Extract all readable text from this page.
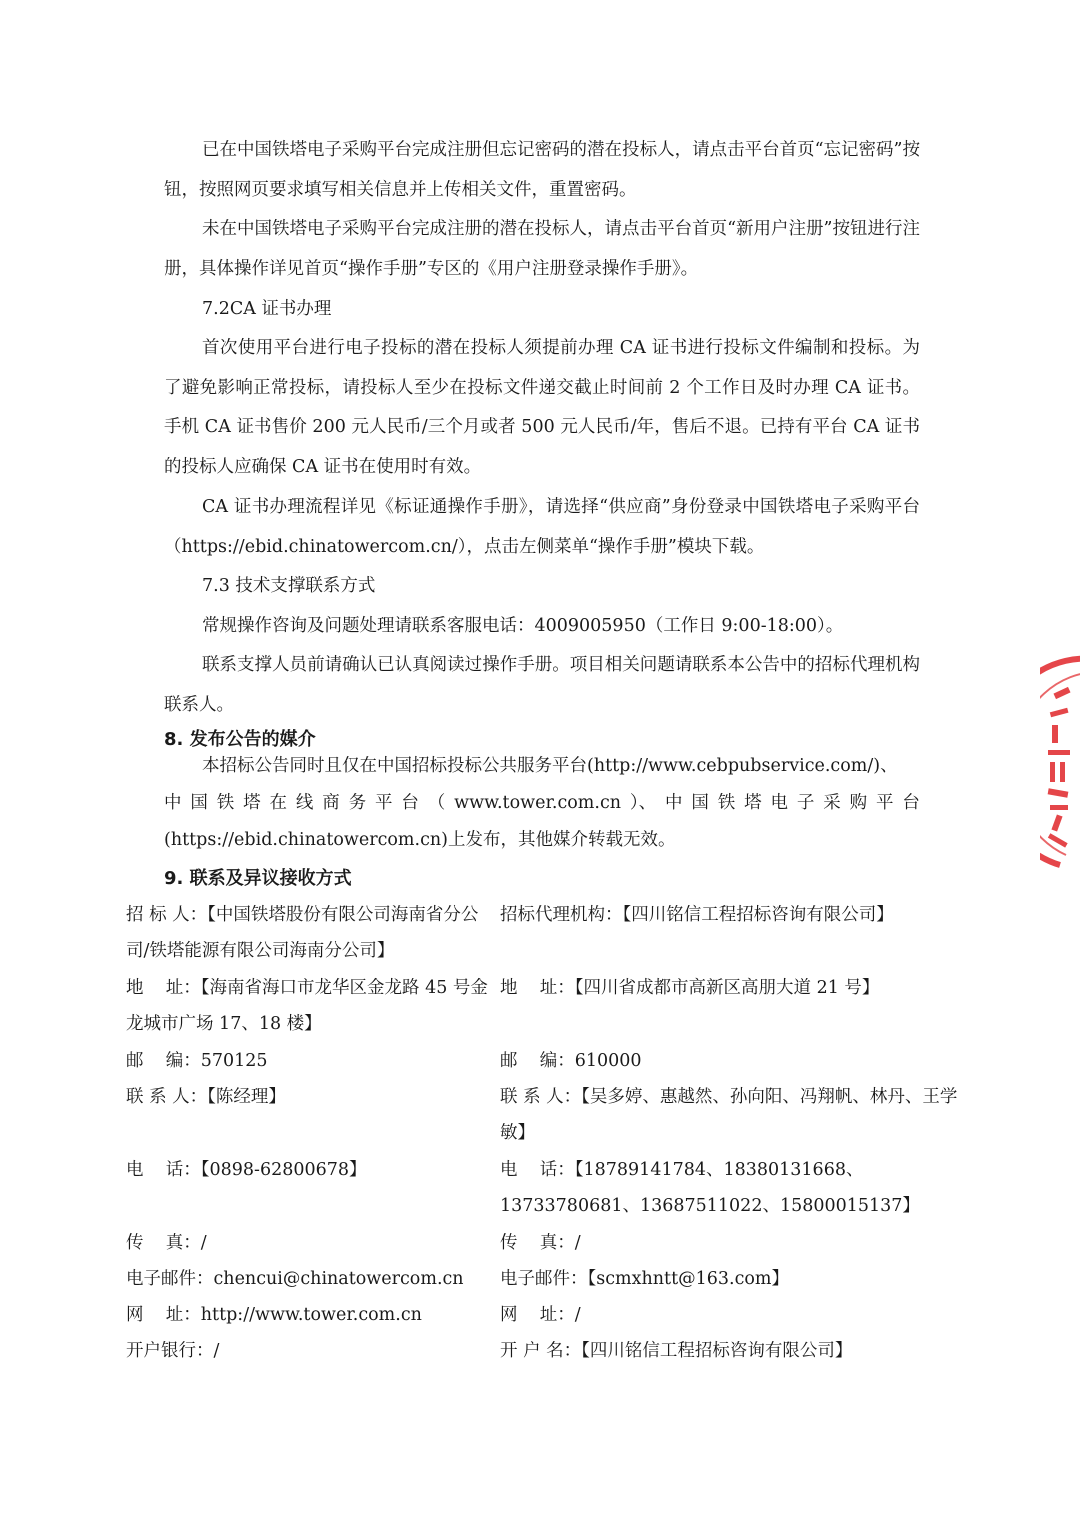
已在中国铁塔电子采购平台完成注册但忘记密码的潜在投标人，请点击平台首页“忘记密码”按钮，按照网页要求填写相关信息并上传相关文件，重置密码。

未在中国铁塔电子采购平台完成注册的潜在投标人，请点击平台首页“新用户注册”按钮进行注册，具体操作详见首页“操作手册”专区的《用户注册登录操作手册》。

7.2CA 证书办理

首次使用平台进行电子投标的潜在投标人须提前办理 CA 证书进行投标文件编制和投标。为了避免影响正常投标，请投标人至少在投标文件递交截止时间前 2 个工作日及时办理 CA 证书。手机 CA 证书售价 200 元人民币/三个月或者 500 元人民币/年，售后不退。已持有平台 CA 证书的投标人应确保 CA 证书在使用时有效。

CA 证书办理流程详见《标证通操作手册》，请选择“供应商”身份登录中国铁塔电子采购平台（https://ebid.chinatowercom.cn/），点击左侧菜单“操作手册”模块下载。

7.3 技术支撑联系方式

常规操作咨询及问题处理请联系客服电话：4009005950（工作日 9:00-18:00）。

联系支撑人员前请确认已认真阅读过操作手册。项目相关问题请联系本公告中的招标代理机构联系人。

8. 发布公告的媒介

本招标公告同时且仅在中国招标投标公共服务平台(http://www.cebpubservice.com/)、
中 国 铁 塔 在 线 商 务 平 台 （ www.tower.com.cn ）、 中 国 铁 塔 电 子 采 购 平 台
(https://ebid.chinatowercom.cn)上发布，其他媒介转载无效。

9. 联系及异议接收方式

招 标 人：【中国铁塔股份有限公司海南省分公司/铁塔能源有限公司海南分公司】

地    址：【海南省海口市龙华区金龙路 45 号金龙城市广场 17、18 楼】

邮    编：570125

联 系 人：【陈经理】

电    话：【0898-62800678】

传    真：/

电子邮件：chencui@chinatowercom.cn

网    址：http://www.tower.com.cn

开户银行：/

招标代理机构：【四川铭信工程招标咨询有限公司】

地    址：【四川省成都市高新区高朋大道 21 号】

邮    编：610000

联 系 人：【吴多婷、惠越然、孙向阳、冯翔帆、林丹、王学敏】

电    话：【18789141784、18380131668、13733780681、13687511022、15800015137】

传    真：/

电子邮件：【scmxhntt@163.com】

网    址：/

开 户 名：【四川铭信工程招标咨询有限公司】
